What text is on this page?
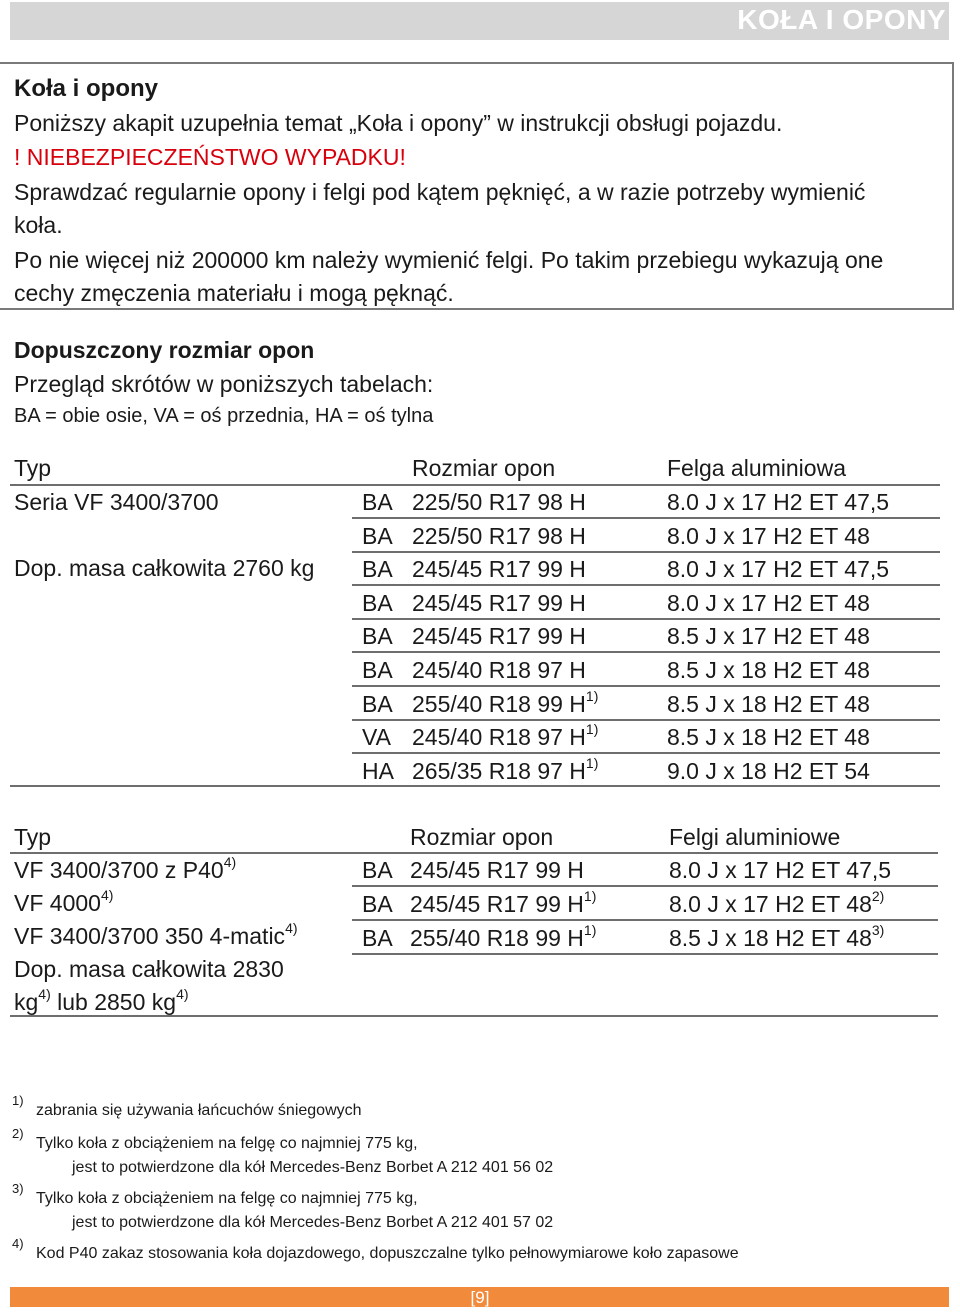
KOŁA I OPONY
Koła i opony
Poniższy akapit uzupełnia temat „Koła i opony” w instrukcji obsługi pojazdu.
! NIEBEZPIECZEŃSTWO WYPADKU!
Sprawdzać regularnie opony i felgi pod kątem pęknięć, a w razie potrzeby wymienić
koła.
Po nie więcej niż 200000 km należy wymienić felgi. Po takim przebiegu wykazują one
cechy zmęczenia materiału i mogą pęknąć.
Dopuszczony rozmiar opon
Przegląd skrótów w poniższych tabelach:
BA = obie osie, VA = oś przednia, HA = oś tylna
Typ	Rozmiar opon	Felga aluminiowa
Seria VF 3400/3700
Dop. masa całkowita 2760 kg
BA 225/50 R17 98 H	8.0 J x 17 H2 ET 47,5
BA 225/50 R17 98 H	8.0 J x 17 H2 ET 48
BA 245/45 R17 99 H	8.0 J x 17 H2 ET 47,5
BA 245/45 R17 99 H	8.0 J x 17 H2 ET 48
BA 245/45 R17 99 H	8.5 J x 17 H2 ET 48
BA 245/40 R18 97 H	8.5 J x 18 H2 ET 48
BA 255/40 R18 99 $H^{1)}$	8.5 J x 18 H2 ET 48
VA 245/40 R18 97 $H^{1)}$	8.5 J x 18 H2 ET 48
HA 265/35 R18 97 $H^{1)}$	9.0 J x 18 H2 ET 54
Typ	Rozmiar opon	Felgi aluminiowe
VF 3400/3700 z P40$^{4)}$
VF 4000$^{4)}$
VF 3400/3700 350 4-matic$^{4)}$
Dop. masa całkowita 2830
$kg^{4)}$ lub 2850 $kg^{4)}$
BA 245/45 R17 99 H	8.0 J x 17 H2 ET 47,5
BA 245/45 R17 99 $H^{1)}$	8.0 J x 17 H2 ET 48$^{2)}$
BA 255/40 R18 99 $H^{1)}$	8.5 J x 18 H2 ET 48$^{3)}$
1)
zabrania się używania łańcuchów śniegowych
2)
Tylko koła z obciążeniem na felgę co najmniej 775 kg,
jest to potwierdzone dla kół Mercedes-Benz Borbet A 212 401 56 02
3)
Tylko koła z obciążeniem na felgę co najmniej 775 kg,
jest to potwierdzone dla kół Mercedes-Benz Borbet A 212 401 57 02
4)
Kod P40 zakaz stosowania koła dojazdowego, dopuszczalne tylko pełnowymiarowe koło zapasowe
[9]
